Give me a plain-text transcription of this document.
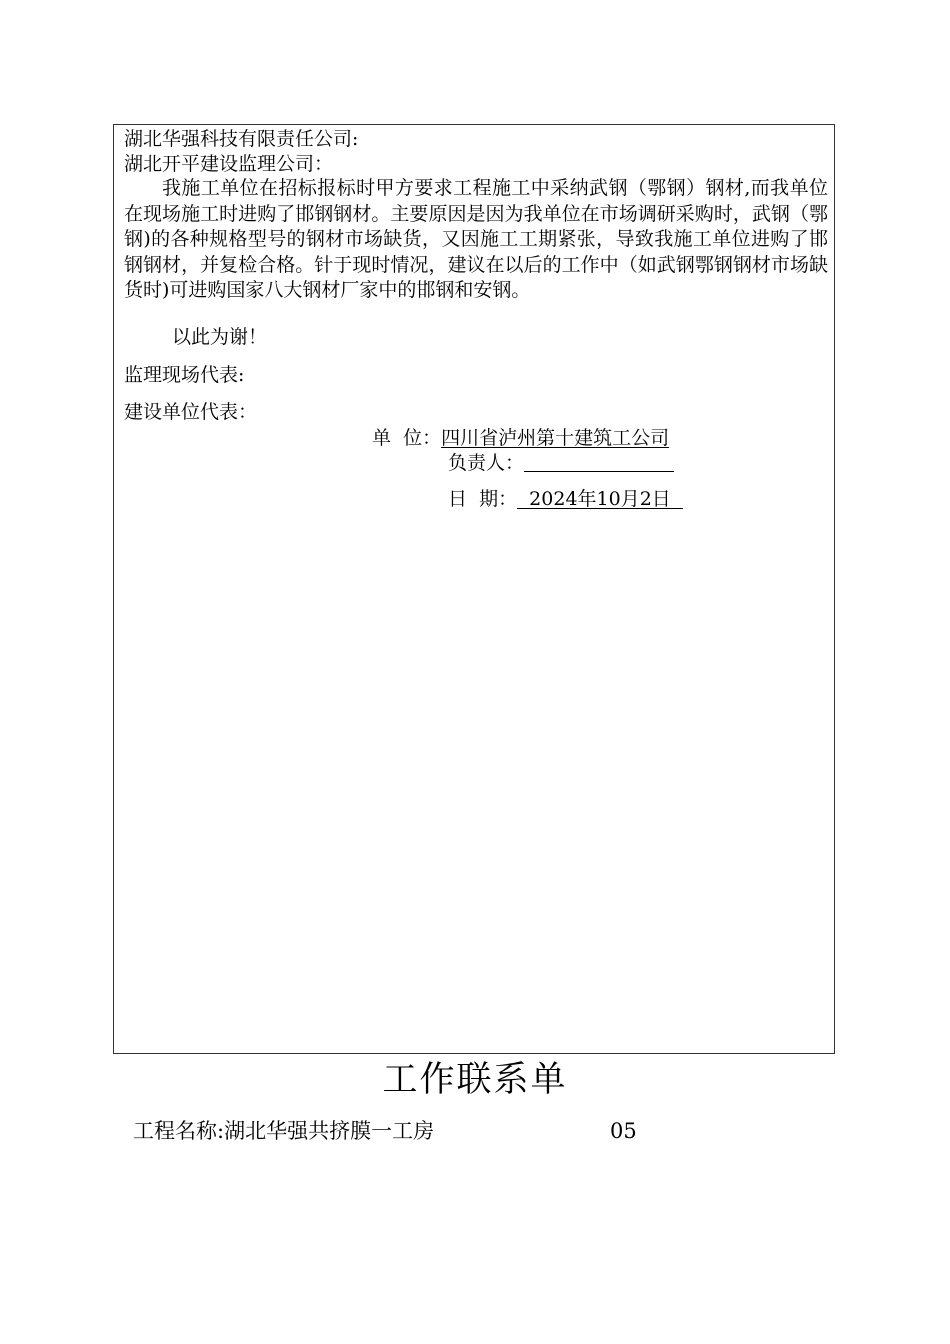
湖北华强科技有限责任公司:
湖北开平建设监理公司：

我施工单位在招标报标时甲方要求工程施工中采纳武钢（鄂钢）钢材,而我单位在现场施工时进购了邯钢钢材。主要原因是因为我单位在市场调研采购时，武钢（鄂钢)的各种规格型号的钢材市场缺货，又因施工工期紧张，导致我施工单位进购了邯钢钢材，并复检合格。针于现时情况，建议在以后的工作中（如武钢鄂钢钢材市场缺货时)可进购国家八大钢材厂家中的邯钢和安钢。

以此为谢！
监理现场代表:
建设单位代表：
单  位：四川省泸州第十建筑工公司
负责人：
日  期：  2024年10月2日
工作联系单
工程名称:湖北华强共挤膜一工房	05
